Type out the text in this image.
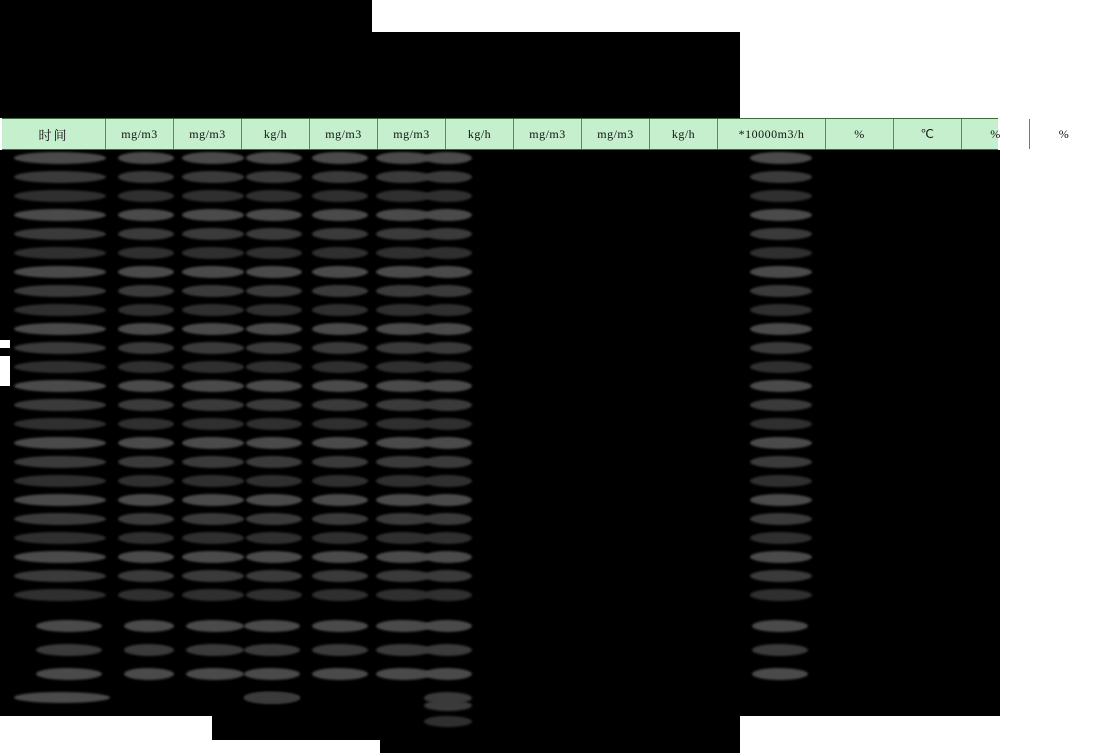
时间	mg/m3	mg/m3	kg/h	mg/m3	mg/m3	kg/h	mg/m3	mg/m3	kg/h	*10000m3/h	%	℃	%	%
